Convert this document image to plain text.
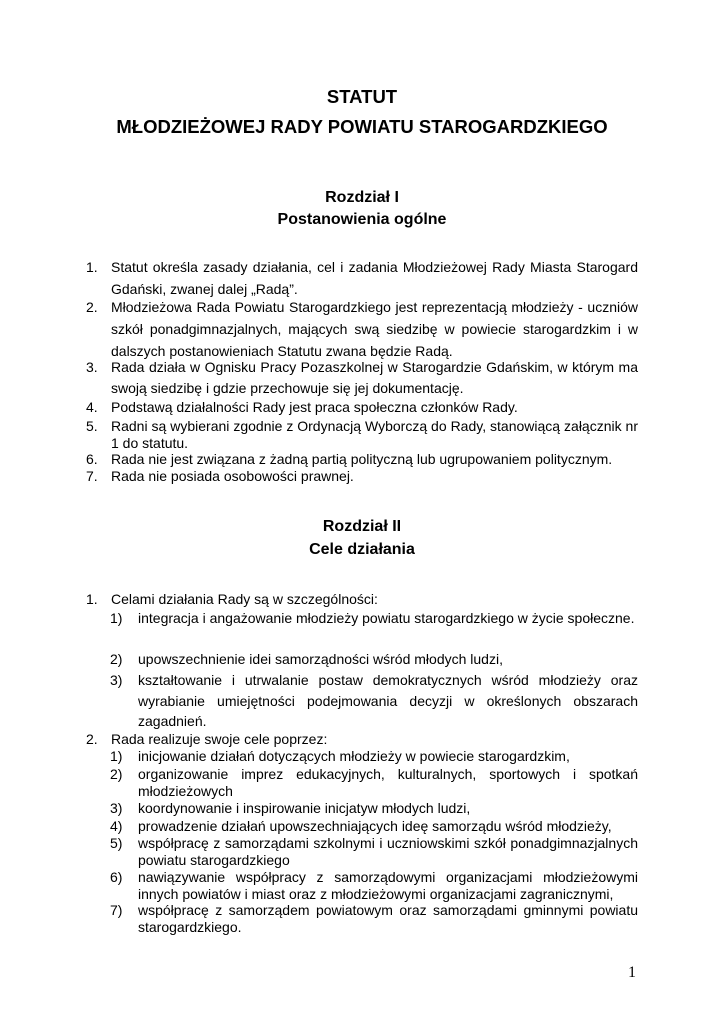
STATUT
MŁODZIEŻOWEJ RADY POWIATU STAROGARDZKIEGO
Rozdział I
Postanowienia ogólne
1. Statut określa zasady działania, cel i zadania Młodzieżowej Rady Miasta Starogard Gdański, zwanej dalej „Radą”.
2. Młodzieżowa Rada Powiatu Starogardzkiego jest reprezentacją młodzieży - uczniów szkół ponadgimnazjalnych, mających swą siedzibę w powiecie starogardzkim i w dalszych postanowieniach Statutu zwana będzie Radą.
3. Rada działa w Ognisku Pracy Pozaszkolnej w Starogardzie Gdańskim, w którym ma swoją siedzibę i gdzie przechowuje się jej dokumentację.
4. Podstawą działalności Rady jest praca społeczna członków Rady.
5. Radni są wybierani zgodnie z Ordynacją Wyborczą do Rady, stanowiącą załącznik nr 1 do statutu.
6. Rada nie jest związana z żadną partią polityczną lub ugrupowaniem politycznym.
7. Rada nie posiada osobowości prawnej.
Rozdział II
Cele działania
1. Celami działania Rady są w szczególności:
1) integracja i angażowanie młodzieży powiatu starogardzkiego w życie społeczne.
2) upowszechnienie idei samorządności wśród młodych ludzi,
3) kształtowanie i utrwalanie postaw demokratycznych wśród młodzieży oraz wyrabianie umiejętności podejmowania decyzji w określonych obszarach zagadnień.
2. Rada realizuje swoje cele poprzez:
1) inicjowanie działań dotyczących młodzieży w powiecie starogardzkim,
2) organizowanie imprez edukacyjnych, kulturalnych, sportowych i spotkań młodzieżowych
3) koordynowanie i inspirowanie inicjatyw młodych ludzi,
4) prowadzenie działań upowszechniających ideę samorządu wśród młodzieży,
5) współpracę z samorządami szkolnymi i uczniowskimi szkół ponadgimnazjalnych powiatu starogardzkiego
6) nawiązywanie współpracy z samorządowymi organizacjami młodzieżowymi innych powiatów i miast oraz z młodzieżowymi organizacjami zagranicznymi,
7) współpracę z samorządem powiatowym oraz samorządami gminnymi powiatu starogardzkiego.
1
